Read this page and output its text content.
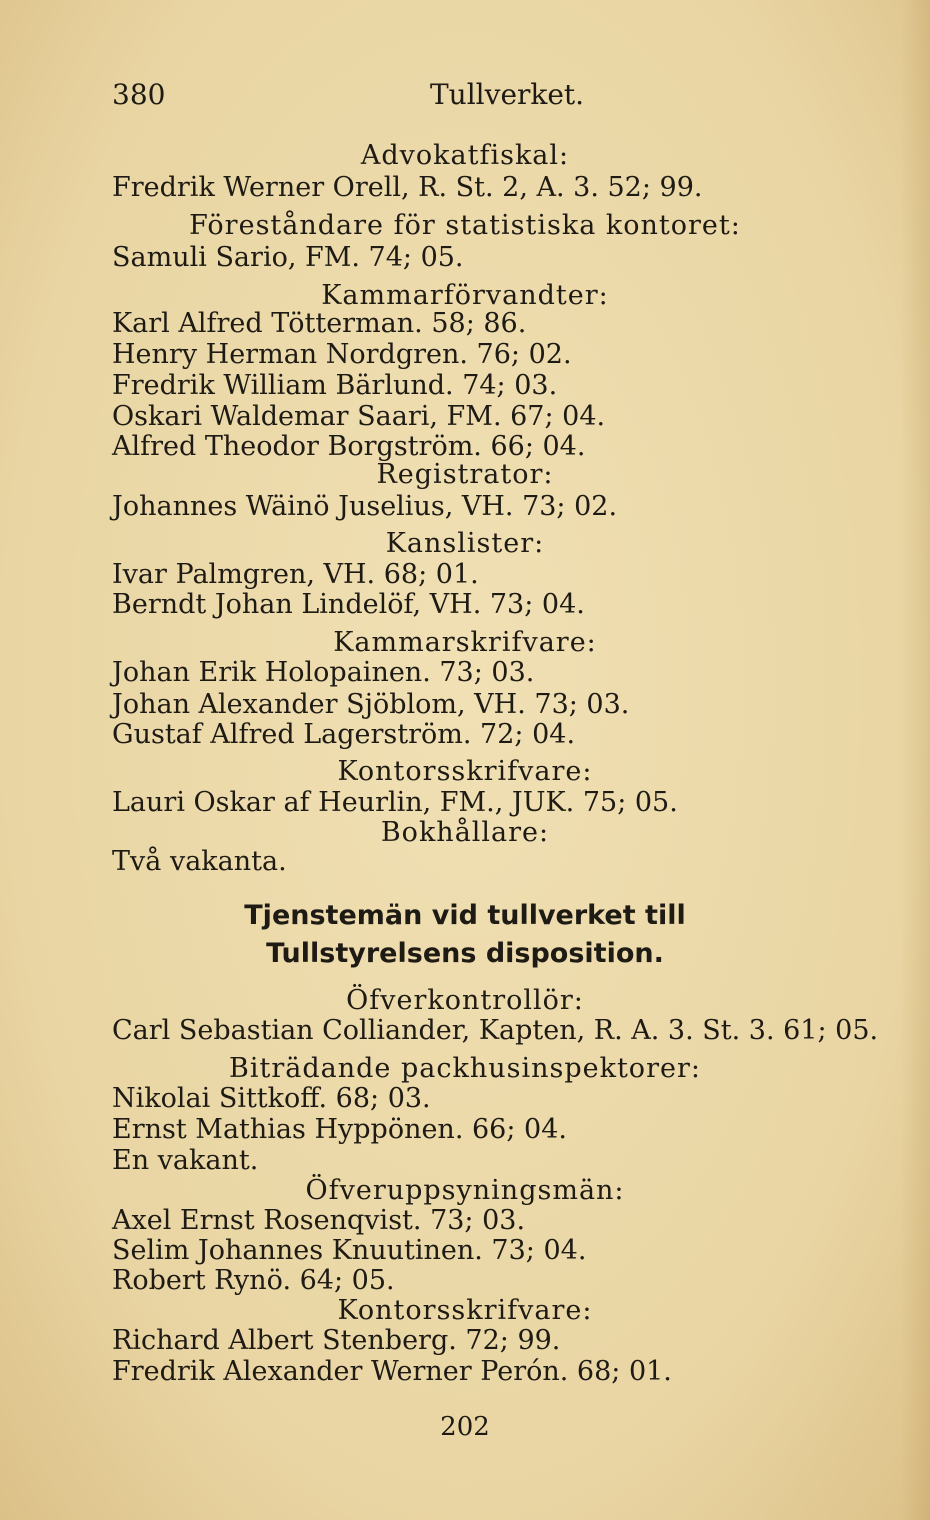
380	Tullverket.
Advokatfiskal:
Fredrik Werner Orell, R. St. 2, A. 3. 52; 99.
Föreståndare för statistiska kontoret:
Samuli Sario, FM. 74; 05.
Kammarförvandter:
Karl Alfred Tötterman. 58; 86.
Henry Herman Nordgren. 76; 02.
Fredrik William Bärlund. 74; 03.
Oskari Waldemar Saari, FM. 67; 04.
Alfred Theodor Borgström. 66; 04.
Registrator:
Johannes Wäinö Juselius, VH. 73; 02.
Kanslister:
Ivar Palmgren, VH. 68; 01.
Berndt Johan Lindelöf, VH. 73; 04.
Kammarskrifvare:
Johan Erik Holopainen. 73; 03.
Johan Alexander Sjöblom, VH. 73; 03.
Gustaf Alfred Lagerström. 72; 04.
Kontorsskrifvare:
Lauri Oskar af Heurlin, FM., JUK. 75; 05.
Bokhållare:
Två vakanta.
Tjenstemän vid tullverket till
Tullstyrelsens disposition.
Öfverkontrollör:
Carl Sebastian Colliander, Kapten, R. A. 3. St. 3. 61; 05.
Biträdande packhusinspektorer:
Nikolai Sittkoff. 68; 03.
Ernst Mathias Hyppönen. 66; 04.
En vakant.
Öfveruppsyningsmän:
Axel Ernst Rosenqvist. 73; 03.
Selim Johannes Knuutinen. 73; 04.
Robert Rynö. 64; 05.
Kontorsskrifvare:
Richard Albert Stenberg. 72; 99.
Fredrik Alexander Werner Perón. 68; 01.
202
